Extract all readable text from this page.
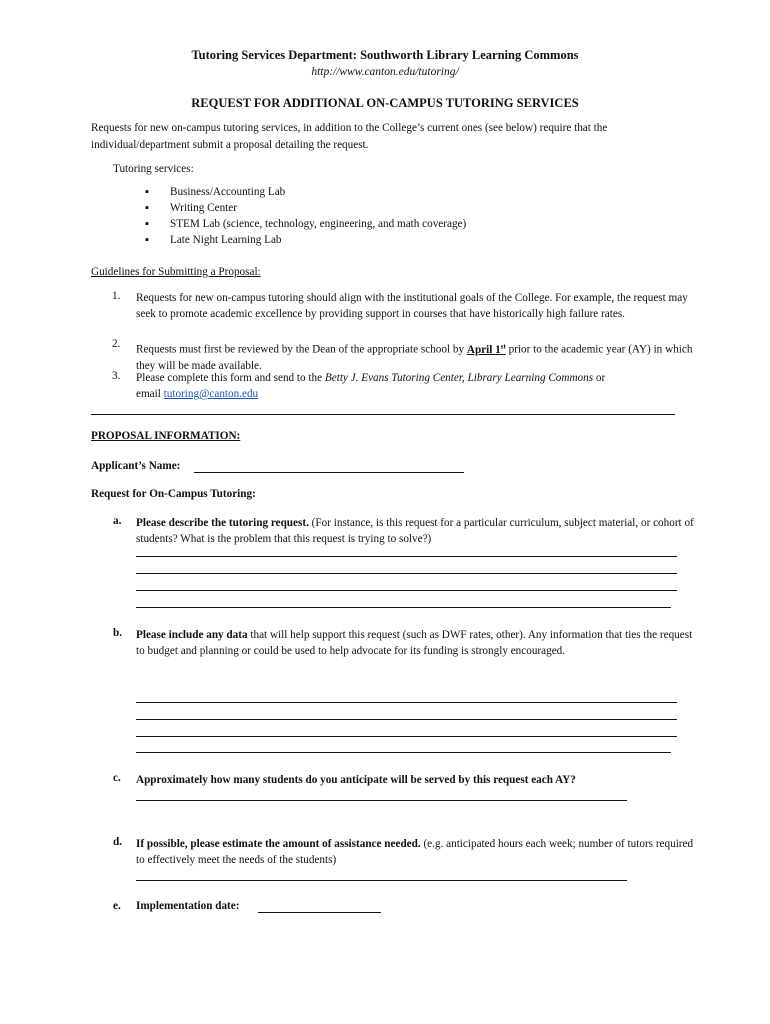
Tutoring Services Department: Southworth Library Learning Commons
http://www.canton.edu/tutoring/
REQUEST FOR ADDITIONAL ON-CAMPUS TUTORING SERVICES
Requests for new on-campus tutoring services, in addition to the College’s current ones (see below) require that the
individual/department submit a proposal detailing the request.
Tutoring services:
▪ Business/Accounting Lab
▪ Writing Center
▪ STEM Lab (science, technology, engineering, and math coverage)
▪ Late Night Learning Lab
Guidelines for Submitting a Proposal:
1. Requests for new on-campus tutoring should align with the institutional goals of the College. For example, the request may seek to promote academic excellence by providing support in courses that have historically high failure rates.
2. Requests must first be reviewed by the Dean of the appropriate school by April 1st prior to the academic year (AY) in which they will be made available.
3. Please complete this form and send to the Betty J. Evans Tutoring Center, Library Learning Commons or
email tutoring@canton.edu
PROPOSAL INFORMATION:
Applicant’s Name:
Request for On-Campus Tutoring:
a. Please describe the tutoring request. (For instance, is this request for a particular curriculum, subject material, or cohort of students? What is the problem that this request is trying to solve?)
b. Please include any data that will help support this request (such as DWF rates, other). Any information that ties the request to budget and planning or could be used to help advocate for its funding is strongly encouraged.
c. Approximately how many students do you anticipate will be served by this request each AY?
d. If possible, please estimate the amount of assistance needed. (e.g. anticipated hours each week; number of tutors required to effectively meet the needs of the students)
e. Implementation date:
